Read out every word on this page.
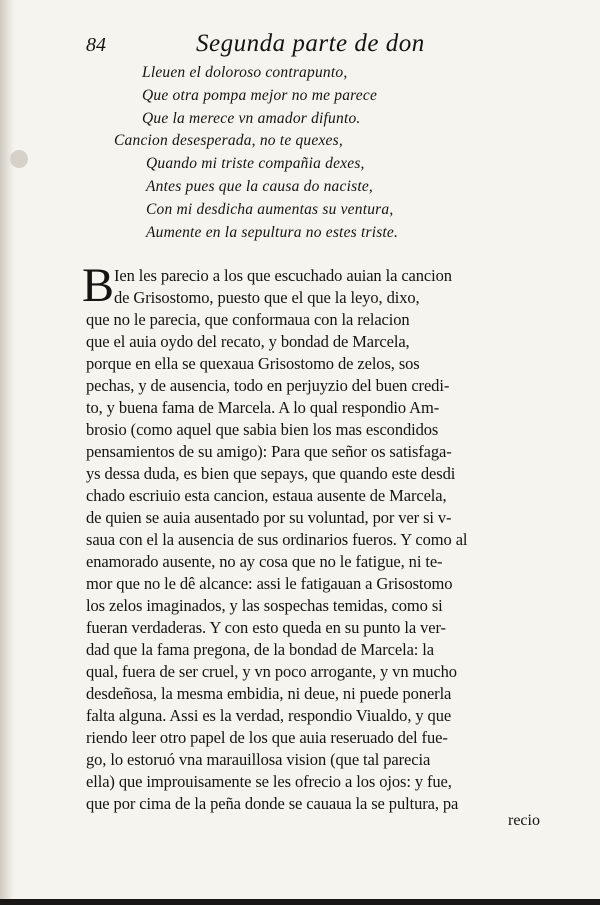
84	Segunda parte de don
Lleuen el doloroso contrapunto,
Que otra pompa mejor no me parece
Que la merece vn amador difunto.
Cancion desesperada, no te quexes,
Quando mi triste compañia dexes,
Antes pues que la causa do naciste,
Con mi desdicha aumentas su ventura,
Aumente en la sepultura no estes triste.
B Ien les parecio a los que escuchado auian la cancion
de Grisostomo, puesto que el que la leyo, dixo,
que no le parecia, que conformaua con la relacion
que el auia oydo del recato, y bondad de Marcela,
porque en ella se quexaua Grisostomo de zelos, sos
pechas, y de ausencia, todo en perjuyzio del buen credi-
to, y buena fama de Marcela. A lo qual respondio Am-
brosio (como aquel que sabia bien los mas escondidos
pensamientos de su amigo): Para que señor os satisfaga-
ys dessa duda, es bien que sepays, que quando este desdi
chado escriuio esta cancion, estaua ausente de Marcela,
de quien se auia ausentado por su voluntad, por ver si v-
saua con el la ausencia de sus ordinarios fueros. Y como al
enamorado ausente, no ay cosa que no le fatigue, ni te-
mor que no le dê alcance: assi le fatigauan a Grisostomo
los zelos imaginados, y las sospechas temidas, como si
fueran verdaderas. Y con esto queda en su punto la ver-
dad que la fama pregona, de la bondad de Marcela: la
qual, fuera de ser cruel, y vn poco arrogante, y vn mucho
desdeñosa, la mesma embidia, ni deue, ni puede ponerla
falta alguna. Assi es la verdad, respondio Viualdo, y que
riendo leer otro papel de los que auia reseruado del fue-
go, lo estoruó vna marauillosa vision (que tal parecia
ella) que improuisamente se les ofrecio a los ojos: y fue,
que por cima de la peña donde se cauaua la se pultura, pa
recio
